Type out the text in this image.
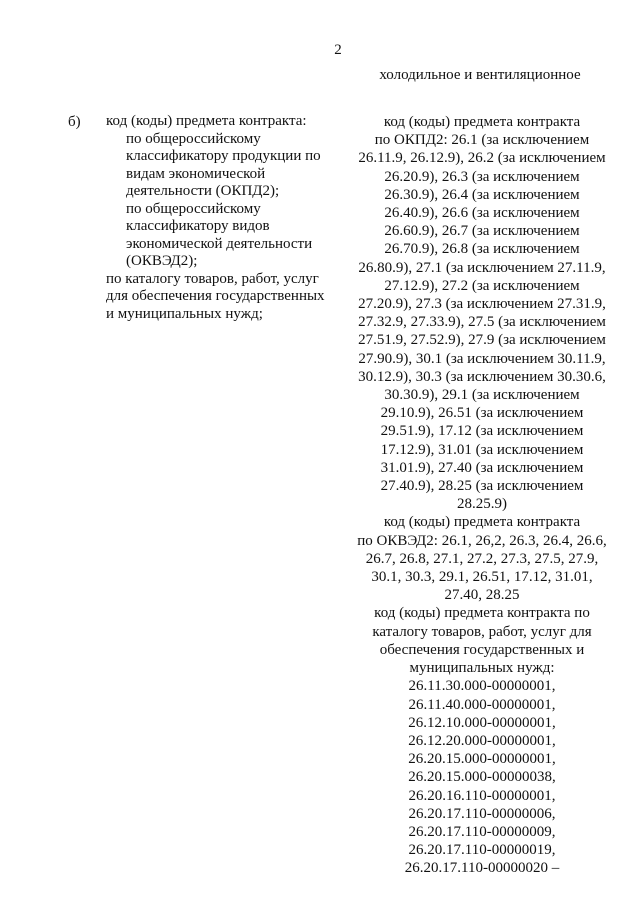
2
холодильное и вентиляционное
б) код (коды) предмета контракта:
по общероссийскому
классификатору продукции по
видам экономической
деятельности (ОКПД2);
по общероссийскому
классификатору видов
экономической деятельности
(ОКВЭД2);
по каталогу товаров, работ, услуг
для обеспечения государственных
и муниципальных нужд;
код (коды) предмета контракта
по ОКПД2: 26.1 (за исключением
26.11.9, 26.12.9), 26.2 (за исключением
26.20.9), 26.3 (за исключением
26.30.9), 26.4 (за исключением
26.40.9), 26.6 (за исключением
26.60.9), 26.7 (за исключением
26.70.9), 26.8 (за исключением
26.80.9), 27.1 (за исключением 27.11.9,
27.12.9), 27.2 (за исключением
27.20.9), 27.3 (за исключением 27.31.9,
27.32.9, 27.33.9), 27.5 (за исключением
27.51.9, 27.52.9), 27.9 (за исключением
27.90.9), 30.1 (за исключением 30.11.9,
30.12.9), 30.3 (за исключением 30.30.6,
30.30.9), 29.1 (за исключением
29.10.9), 26.51 (за исключением
29.51.9), 17.12 (за исключением
17.12.9), 31.01 (за исключением
31.01.9), 27.40 (за исключением
27.40.9), 28.25 (за исключением
28.25.9)
код (коды) предмета контракта
по ОКВЭД2: 26.1, 26,2, 26.3, 26.4, 26.6,
26.7, 26.8, 27.1, 27.2, 27.3, 27.5, 27.9,
30.1, 30.3, 29.1, 26.51, 17.12, 31.01,
27.40, 28.25
код (коды) предмета контракта по
каталогу товаров, работ, услуг для
обеспечения государственных и
муниципальных нужд:
26.11.30.000-00000001,
26.11.40.000-00000001,
26.12.10.000-00000001,
26.12.20.000-00000001,
26.20.15.000-00000001,
26.20.15.000-00000038,
26.20.16.110-00000001,
26.20.17.110-00000006,
26.20.17.110-00000009,
26.20.17.110-00000019,
26.20.17.110-00000020 –
